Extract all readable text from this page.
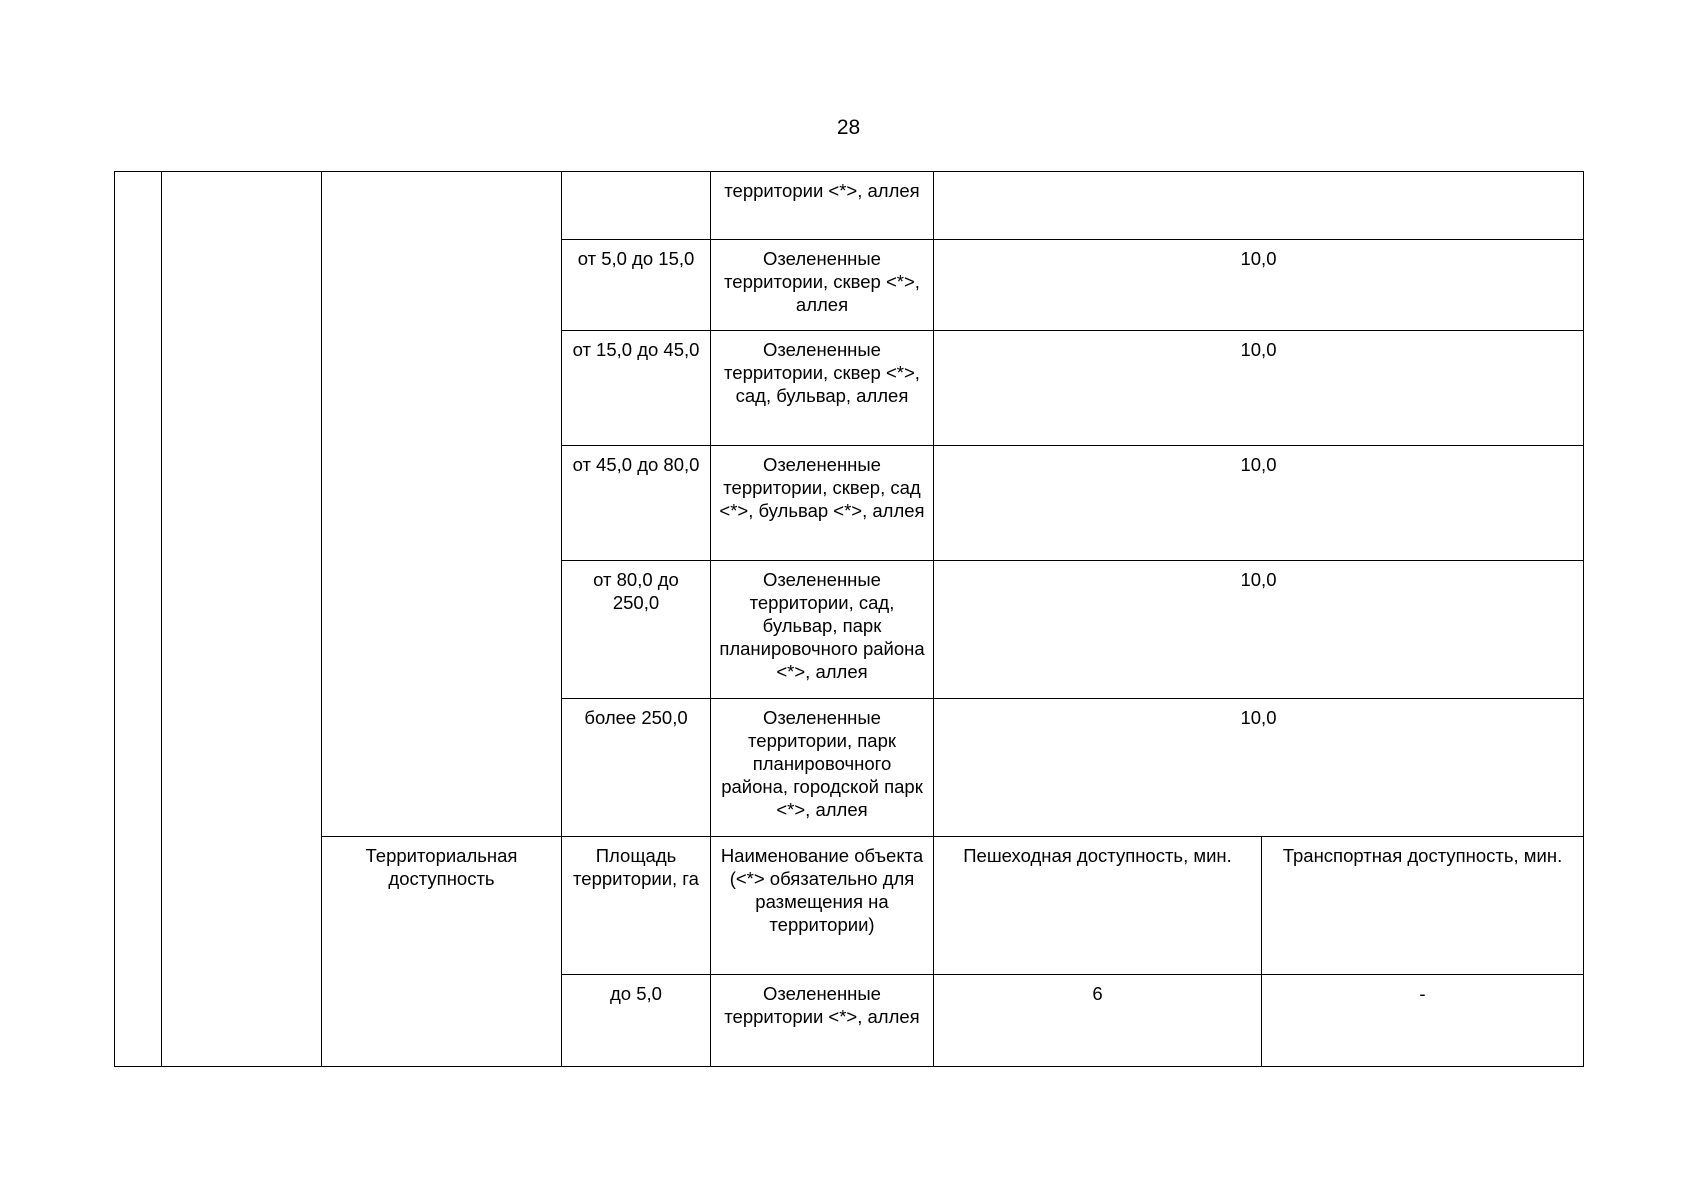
28
				территории <*>, аллея		
			от 5,0 до 15,0	Озелененные территории, сквер <*>, аллея	10,0	
			от 15,0 до 45,0	Озелененные территории, сквер <*>, сад, бульвар, аллея	10,0	
			от 45,0 до 80,0	Озелененные территории, сквер, сад <*>, бульвар <*>, аллея	10,0	
			от 80,0 до 250,0	Озелененные территории, сад, бульвар, парк планировочного района <*>, аллея	10,0	
			более 250,0	Озелененные территории, парк планировочного района, городской парк <*>, аллея	10,0	
		Территориальная доступность	Площадь территории, га	Наименование объекта (<*> обязательно для размещения на территории)	Пешеходная доступность, мин.	Транспортная доступность, мин.
			до 5,0	Озелененные территории <*>, аллея	6	-
